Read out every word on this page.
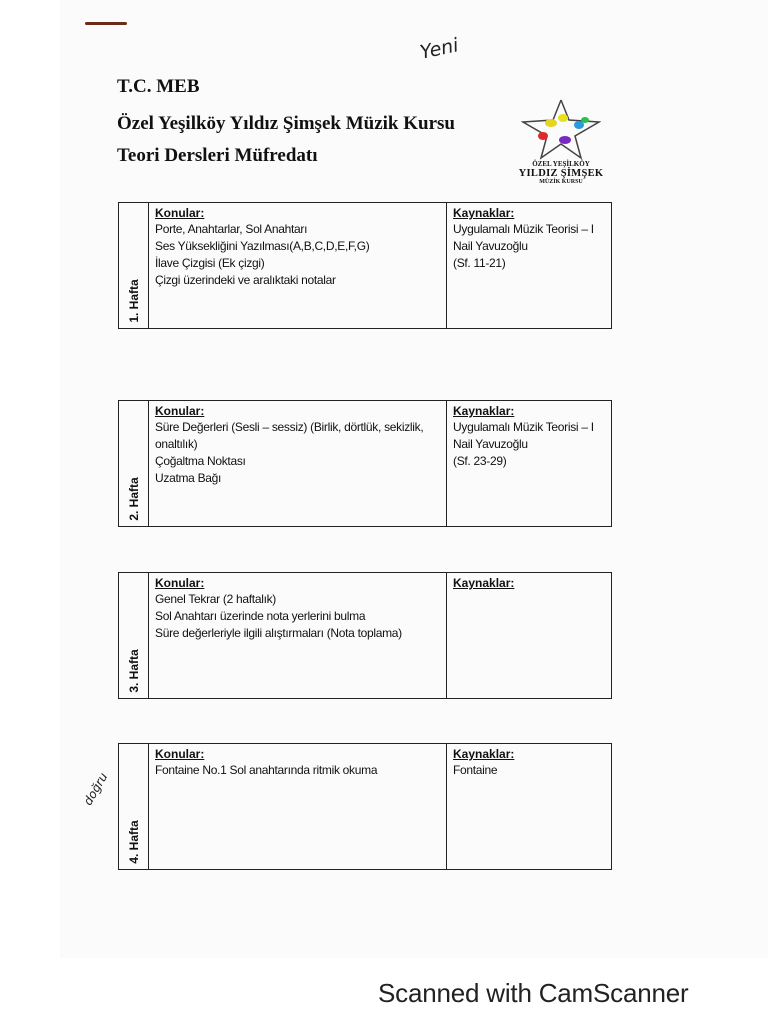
Yeni
doğru
T.C. MEB
Özel Yeşilköy Yıldız Şimşek Müzik Kursu
Teori Dersleri Müfredatı	ÖZEL YEŞİLKÖY
YILDIZ ŞİMŞEK
MÜZİK KURSU
1. Hafta
Konular:
Porte, Anahtarlar, Sol Anahtarı
Ses Yüksekliğini Yazılması(A,B,C,D,E,F,G)
İlave Çizgisi (Ek çizgi)
Çizgi üzerindeki ve aralıktaki notalar
Kaynaklar:
Uygulamalı Müzik Teorisi – I
Nail Yavuzoğlu
(Sf. 11-21)
2. Hafta
Konular:
Süre Değerleri (Sesli – sessiz) (Birlik, dörtlük, sekizlik,
onaltılık)
Çoğaltma Noktası
Uzatma Bağı
Kaynaklar:
Uygulamalı Müzik Teorisi – I
Nail Yavuzoğlu
(Sf. 23-29)
3. Hafta
Konular:
Genel Tekrar (2 haftalık)
Sol Anahtarı üzerinde nota yerlerini bulma
Süre değerleriyle ilgili alıştırmaları (Nota toplama)
Kaynaklar:
4. Hafta
Konular:
Fontaine No.1 Sol anahtarında ritmik okuma
Kaynaklar:
Fontaine
Scanned with CamScanner
